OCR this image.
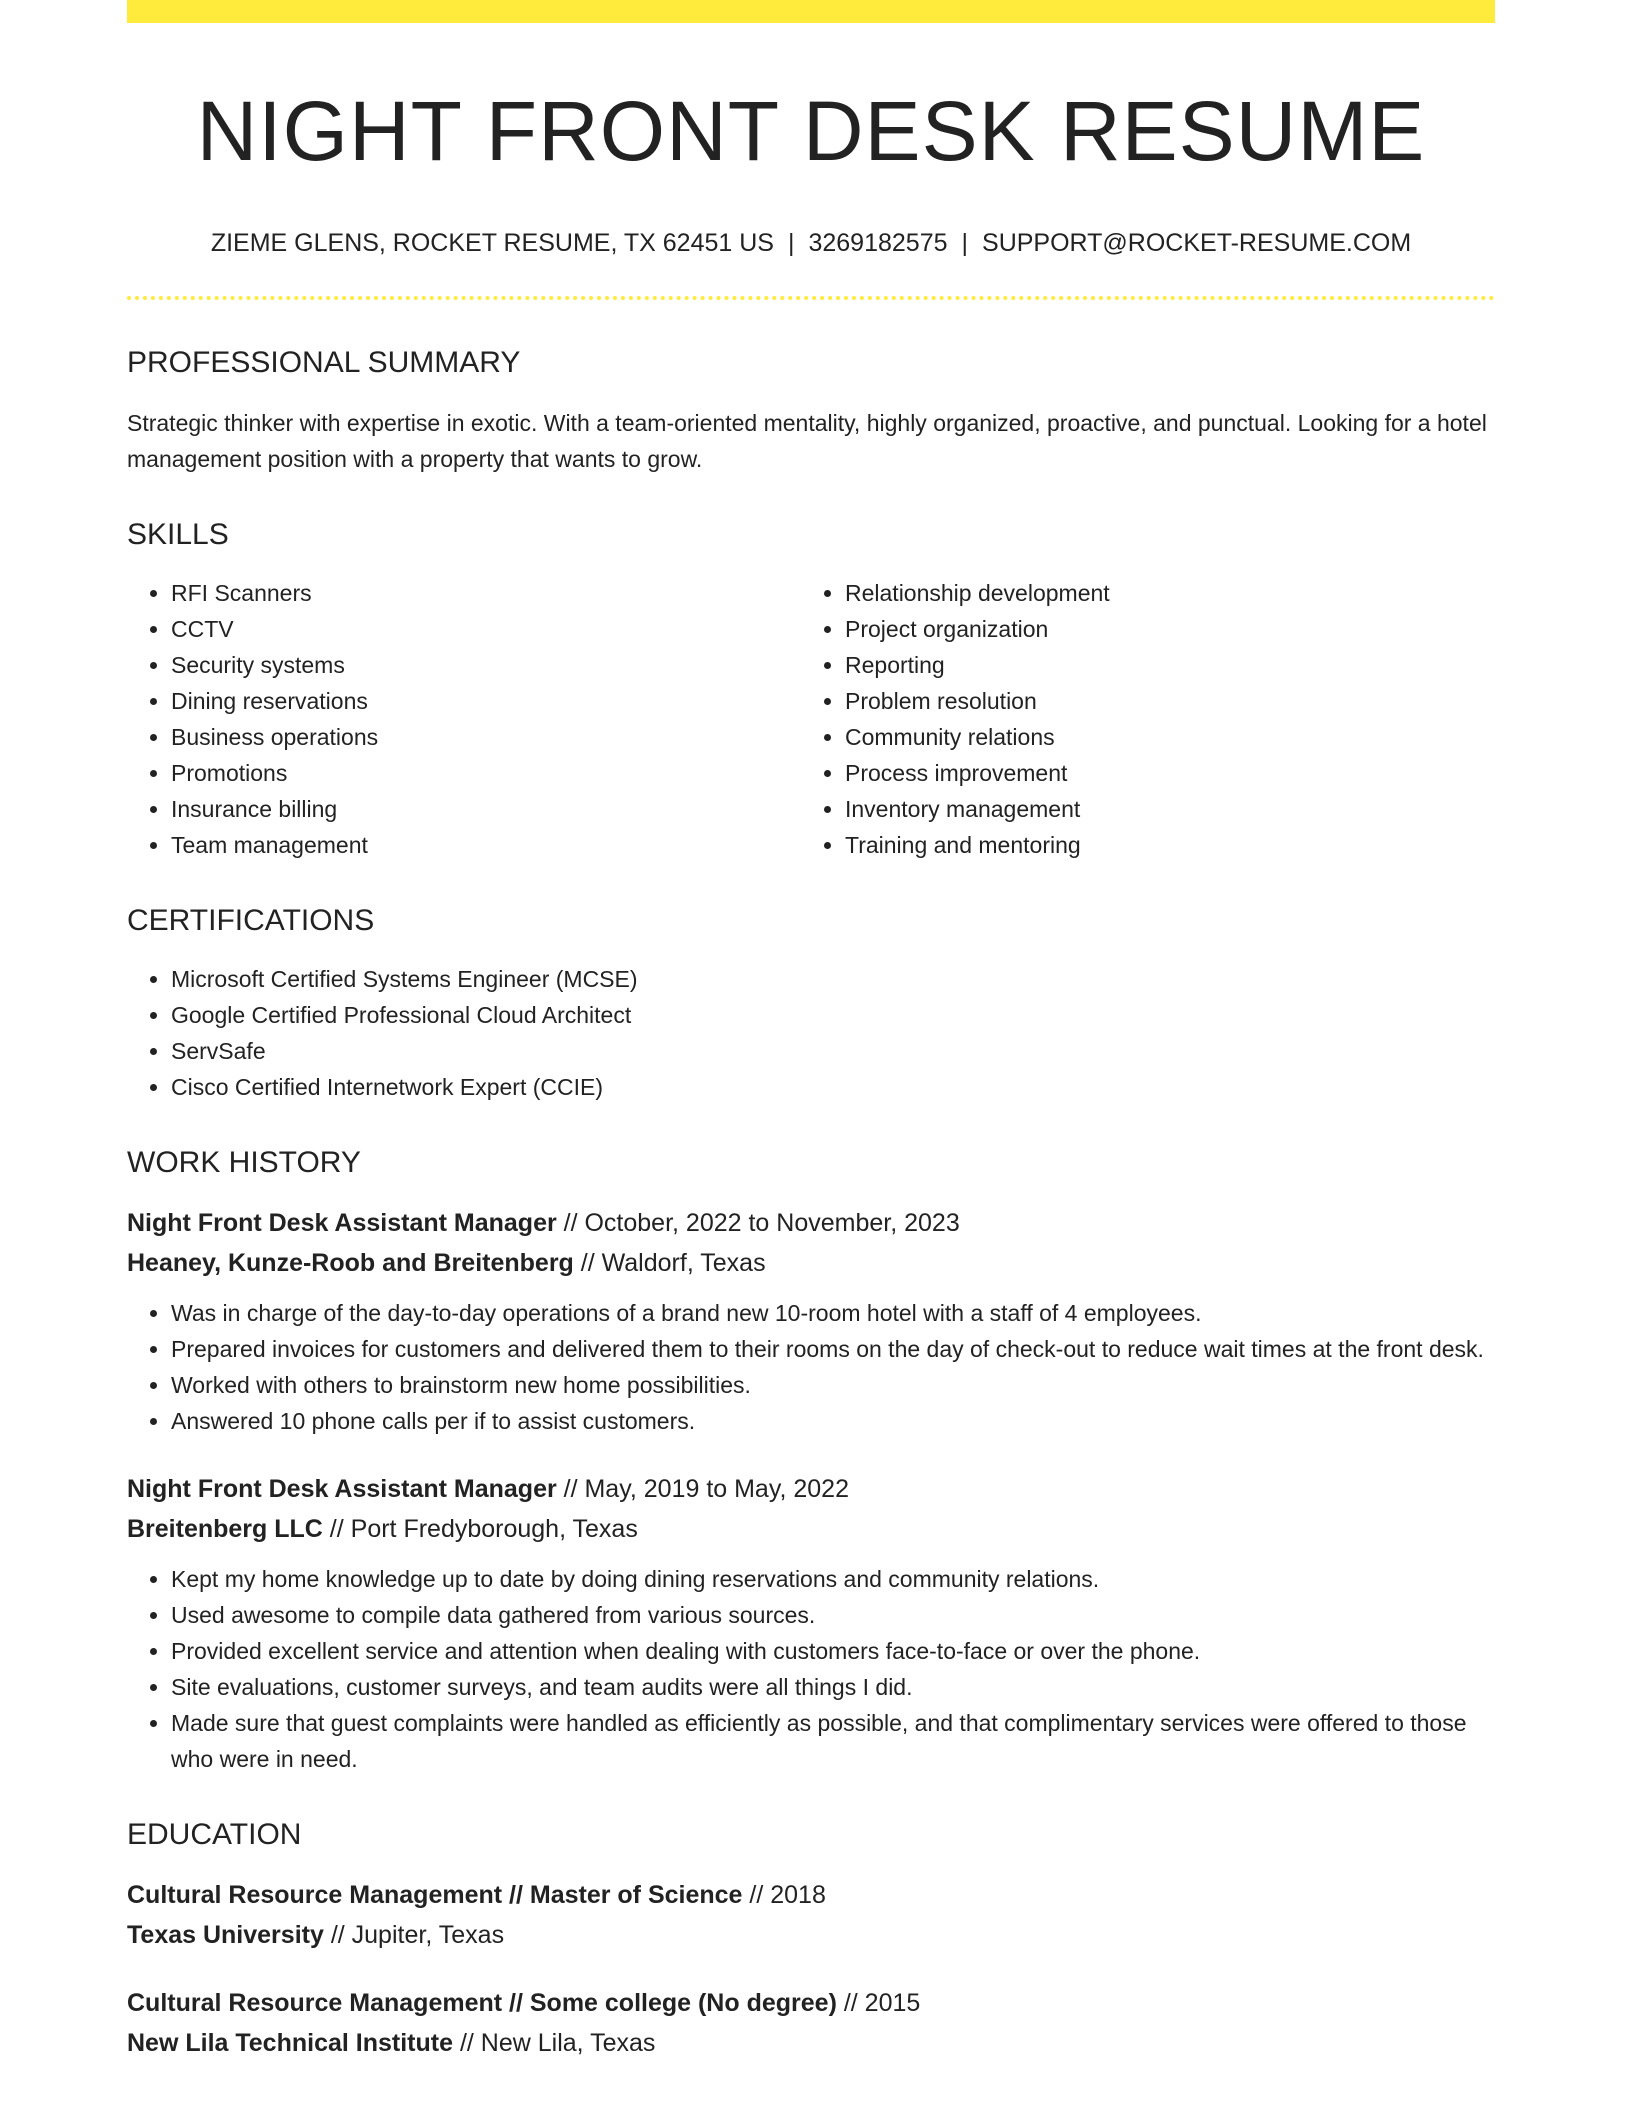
NIGHT FRONT DESK RESUME
ZIEME GLENS, ROCKET RESUME, TX 62451 US | 3269182575 | SUPPORT@ROCKET-RESUME.COM
PROFESSIONAL SUMMARY

Strategic thinker with expertise in exotic. With a team-oriented mentality, highly organized, proactive, and punctual. Looking for a hotel management position with a property that wants to grow.

SKILLS
• RFI Scanners
• CCTV
• Security systems
• Dining reservations
• Business operations
• Promotions
• Insurance billing
• Team management
• Relationship development
• Project organization
• Reporting
• Problem resolution
• Community relations
• Process improvement
• Inventory management
• Training and mentoring
CERTIFICATIONS
• Microsoft Certified Systems Engineer (MCSE)
• Google Certified Professional Cloud Architect
• ServSafe
• Cisco Certified Internetwork Expert (CCIE)
WORK HISTORY
Night Front Desk Assistant Manager // October, 2022 to November, 2023
Heaney, Kunze-Roob and Breitenberg // Waldorf, Texas
• Was in charge of the day-to-day operations of a brand new 10-room hotel with a staff of 4 employees.
• Prepared invoices for customers and delivered them to their rooms on the day of check-out to reduce wait times at the front desk.
• Worked with others to brainstorm new home possibilities.
• Answered 10 phone calls per if to assist customers.
Night Front Desk Assistant Manager // May, 2019 to May, 2022
Breitenberg LLC // Port Fredyborough, Texas
• Kept my home knowledge up to date by doing dining reservations and community relations.
• Used awesome to compile data gathered from various sources.
• Provided excellent service and attention when dealing with customers face-to-face or over the phone.
• Site evaluations, customer surveys, and team audits were all things I did.
• Made sure that guest complaints were handled as efficiently as possible, and that complimentary services were offered to those who were in need.
EDUCATION
Cultural Resource Management // Master of Science // 2018
Texas University // Jupiter, Texas
Cultural Resource Management // Some college (No degree) // 2015
New Lila Technical Institute // New Lila, Texas
